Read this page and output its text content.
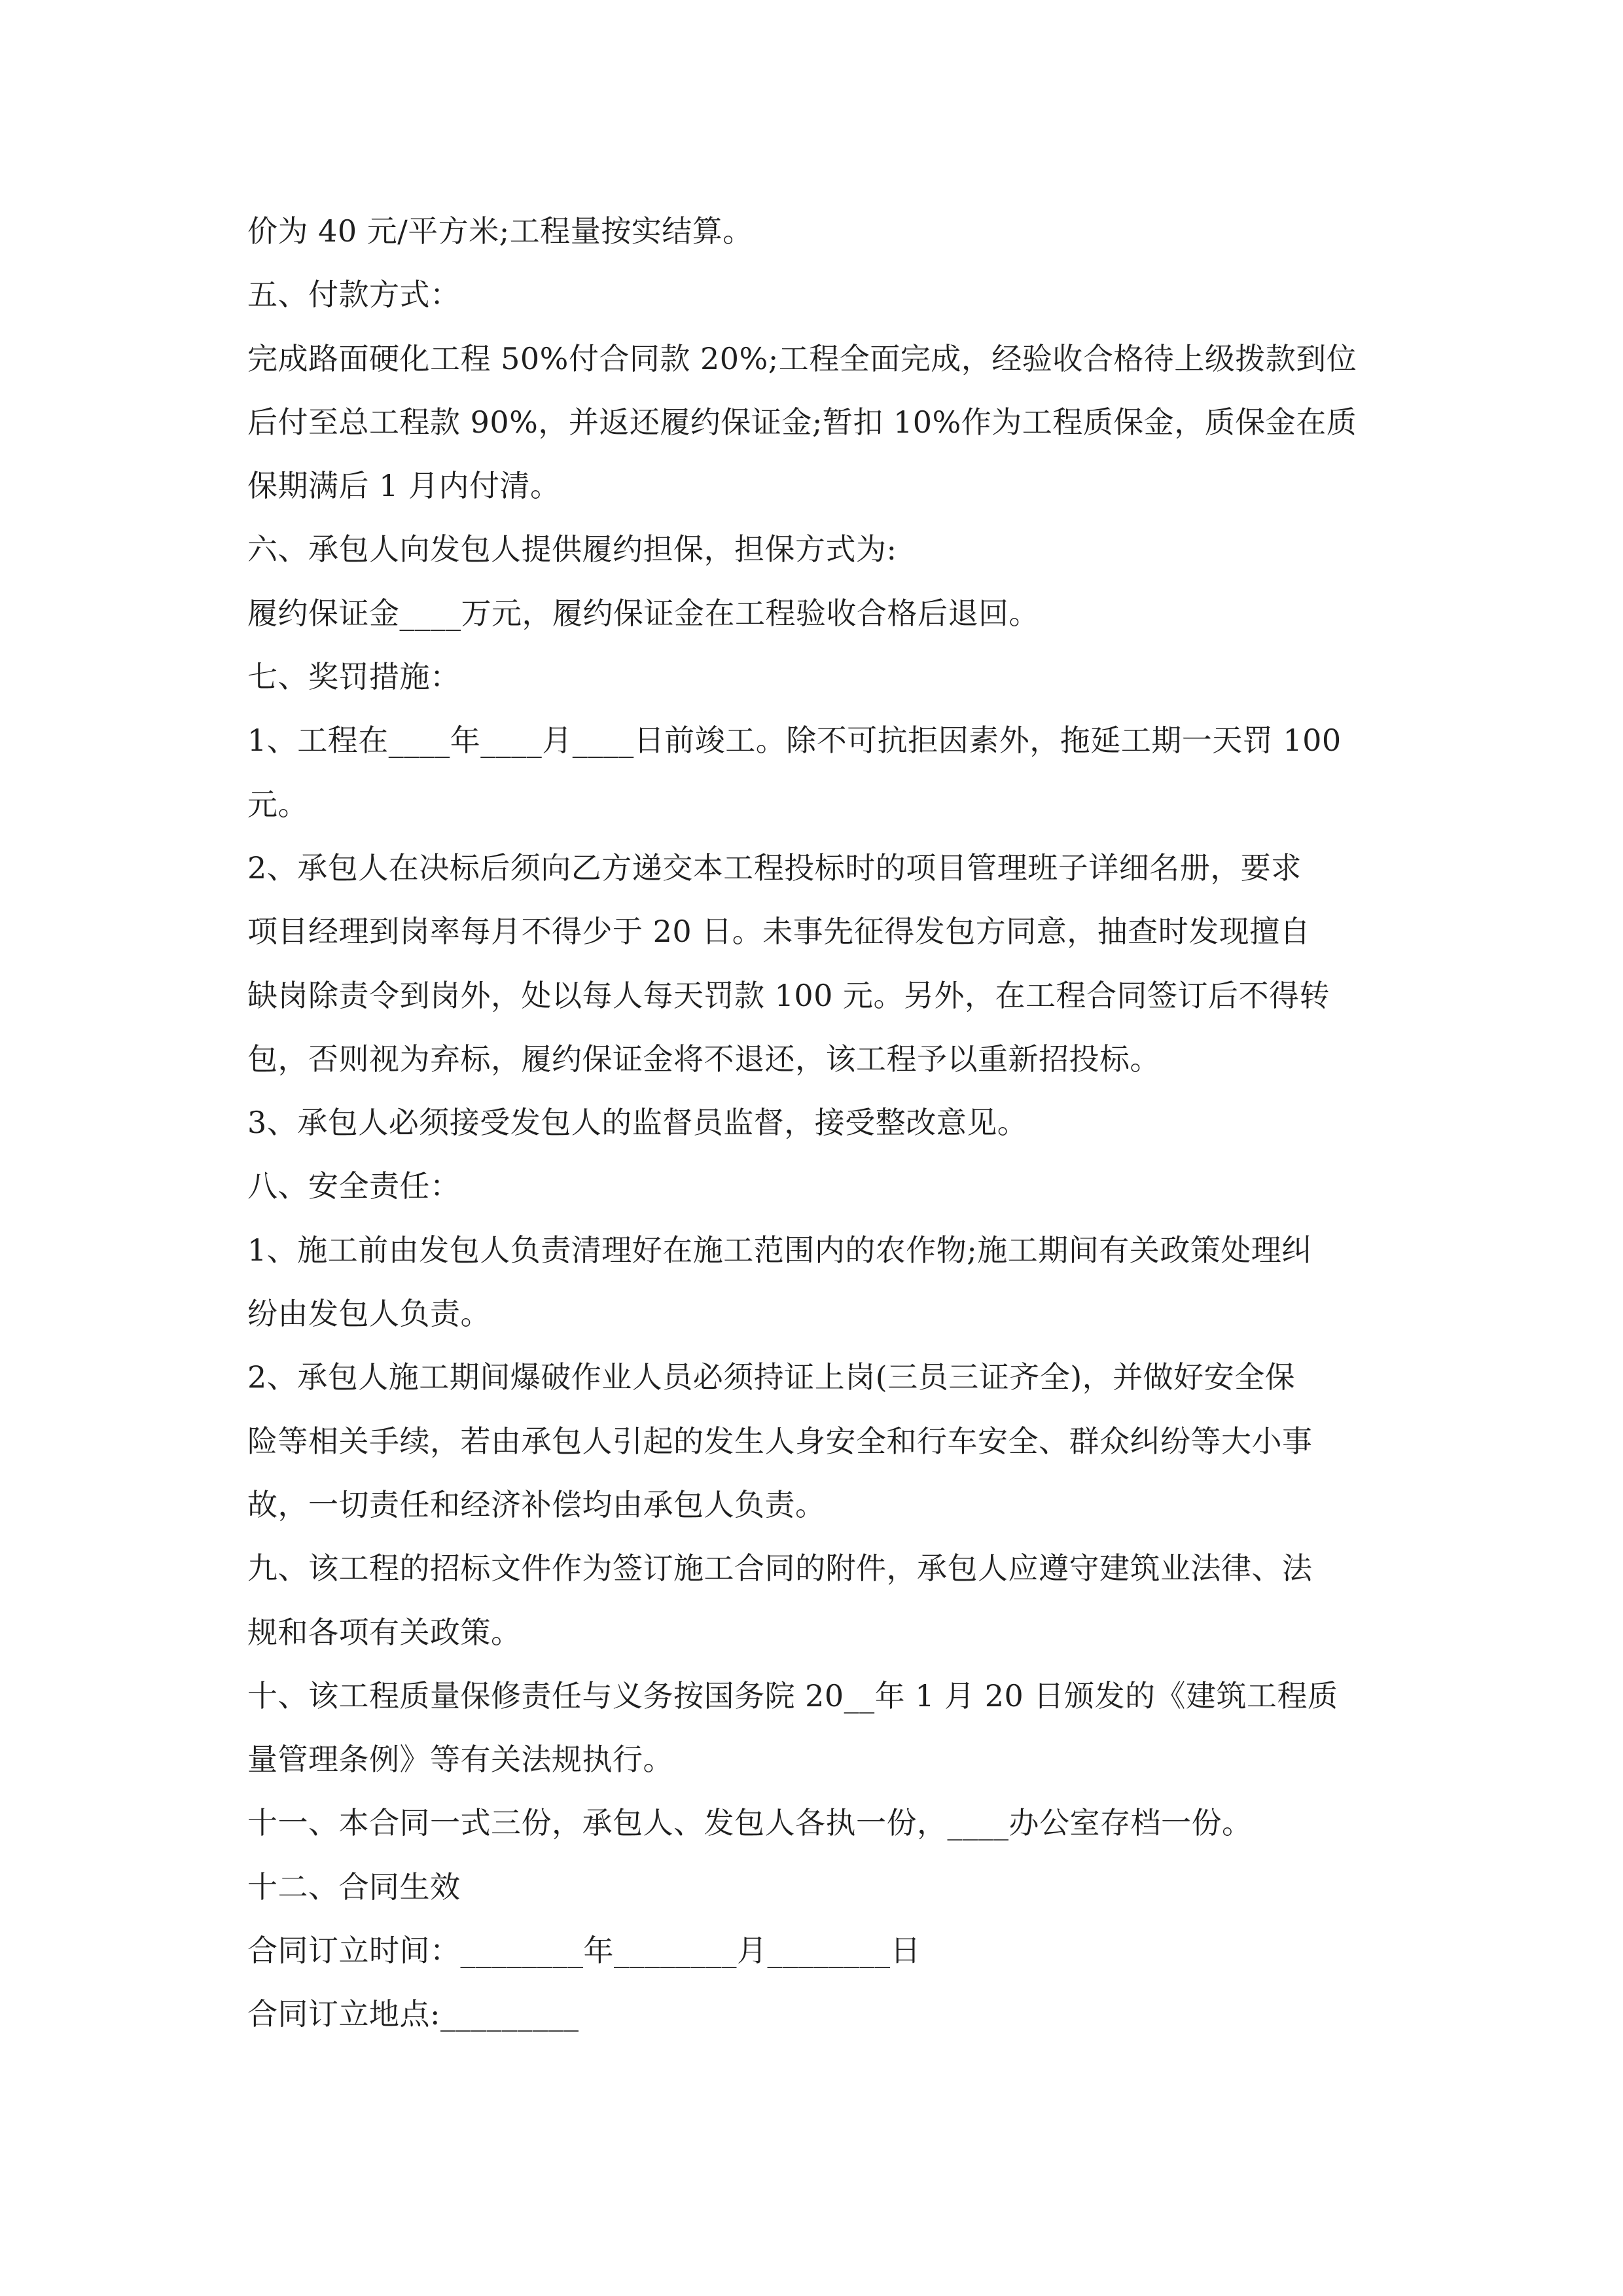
价为 40 元/平方米;工程量按实结算。
五、付款方式：
完成路面硬化工程 50%付合同款 20%;工程全面完成，经验收合格待上级拨款到位
后付至总工程款 90%，并返还履约保证金;暂扣 10%作为工程质保金，质保金在质
保期满后 1 月内付清。
六、承包人向发包人提供履约担保，担保方式为:
履约保证金____万元，履约保证金在工程验收合格后退回。
七、奖罚措施：
1、工程在____年____月____日前竣工。除不可抗拒因素外，拖延工期一天罚 100
元。
2、承包人在决标后须向乙方递交本工程投标时的项目管理班子详细名册，要求
项目经理到岗率每月不得少于 20 日。未事先征得发包方同意，抽查时发现擅自
缺岗除责令到岗外，处以每人每天罚款 100 元。另外，在工程合同签订后不得转
包，否则视为弃标，履约保证金将不退还，该工程予以重新招投标。
3、承包人必须接受发包人的监督员监督，接受整改意见。
八、安全责任：
1、施工前由发包人负责清理好在施工范围内的农作物;施工期间有关政策处理纠
纷由发包人负责。
2、承包人施工期间爆破作业人员必须持证上岗(三员三证齐全)，并做好安全保
险等相关手续，若由承包人引起的发生人身安全和行车安全、群众纠纷等大小事
故，一切责任和经济补偿均由承包人负责。
九、该工程的招标文件作为签订施工合同的附件，承包人应遵守建筑业法律、法
规和各项有关政策。
十、该工程质量保修责任与义务按国务院 20__年 1 月 20 日颁发的《建筑工程质
量管理条例》等有关法规执行。
十一、本合同一式三份，承包人、发包人各执一份，____办公室存档一份。
十二、合同生效
合同订立时间：________年________月________日
合同订立地点:_________
